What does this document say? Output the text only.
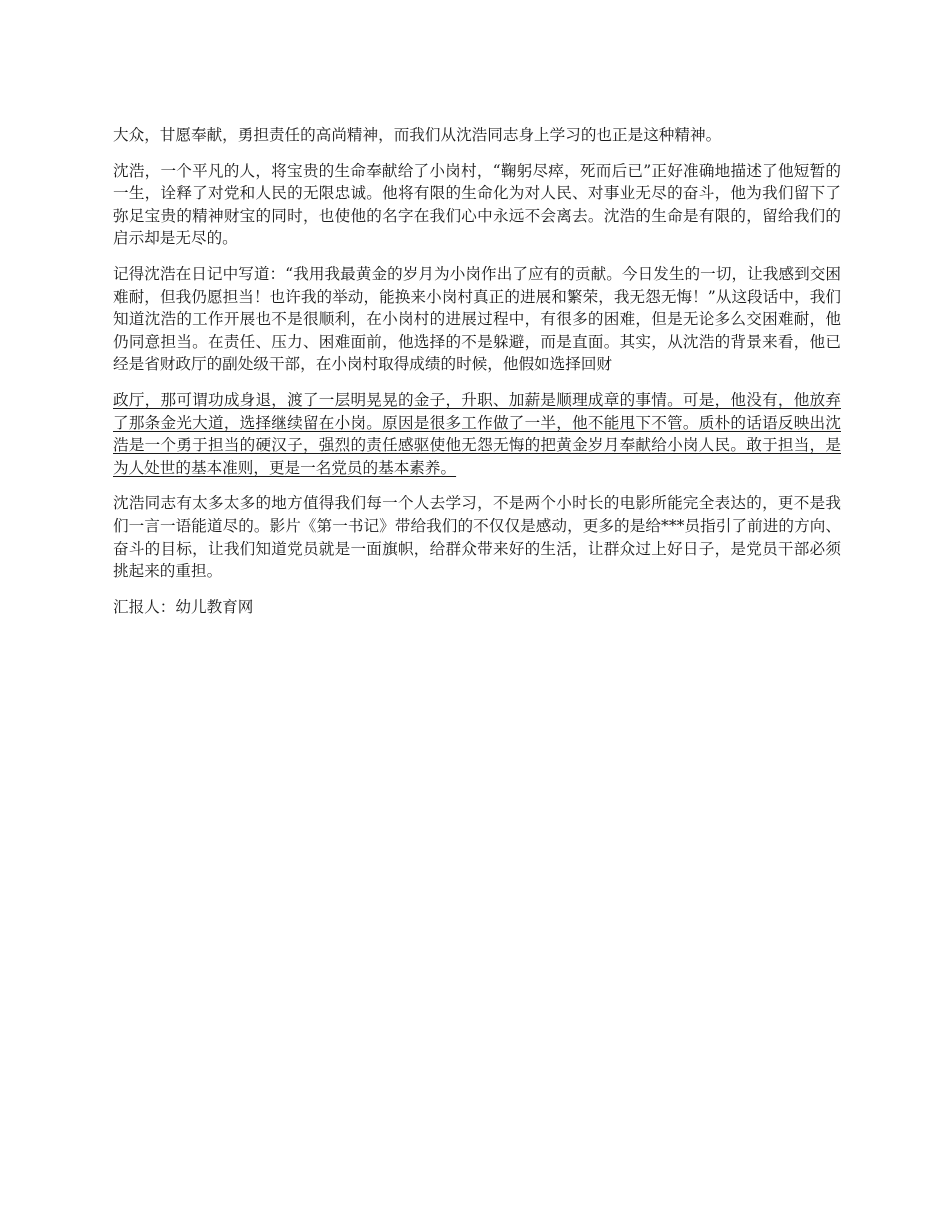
大众，甘愿奉献，勇担责任的高尚精神，而我们从沈浩同志身上学习的也正是这种精神。

沈浩，一个平凡的人，将宝贵的生命奉献给了小岗村，“鞠躬尽瘁，死而后已”正好准确地描述了他短暂的一生，诠释了对党和人民的无限忠诚。他将有限的生命化为对人民、对事业无尽的奋斗，他为我们留下了弥足宝贵的精神财宝的同时，也使他的名字在我们心中永远不会离去。沈浩的生命是有限的，留给我们的启示却是无尽的。

记得沈浩在日记中写道：“我用我最黄金的岁月为小岗作出了应有的贡献。今日发生的一切，让我感到交困难耐，但我仍愿担当！也许我的举动，能换来小岗村真正的进展和繁荣，我无怨无悔！”从这段话中，我们知道沈浩的工作开展也不是很顺利，在小岗村的进展过程中，有很多的困难，但是无论多么交困难耐，他仍同意担当。在责任、压力、困难面前，他选择的不是躲避，而是直面。其实，从沈浩的背景来看，他已经是省财政厅的副处级干部，在小岗村取得成绩的时候，他假如选择回财

政厅，那可谓功成身退，渡了一层明晃晃的金子，升职、加薪是顺理成章的事情。可是，他没有，他放弃了那条金光大道，选择继续留在小岗。原因是很多工作做了一半，他不能甩下不管。质朴的话语反映出沈浩是一个勇于担当的硬汉子，强烈的责任感驱使他无怨无悔的把黄金岁月奉献给小岗人民。敢于担当，是为人处世的基本准则，更是一名党员的基本素养。

沈浩同志有太多太多的地方值得我们每一个人去学习，不是两个小时长的电影所能完全表达的，更不是我们一言一语能道尽的。影片《第一书记》带给我们的不仅仅是感动，更多的是给***员指引了前进的方向、奋斗的目标，让我们知道党员就是一面旗帜，给群众带来好的生活，让群众过上好日子，是党员干部必须挑起来的重担。

汇报人：幼儿教育网
